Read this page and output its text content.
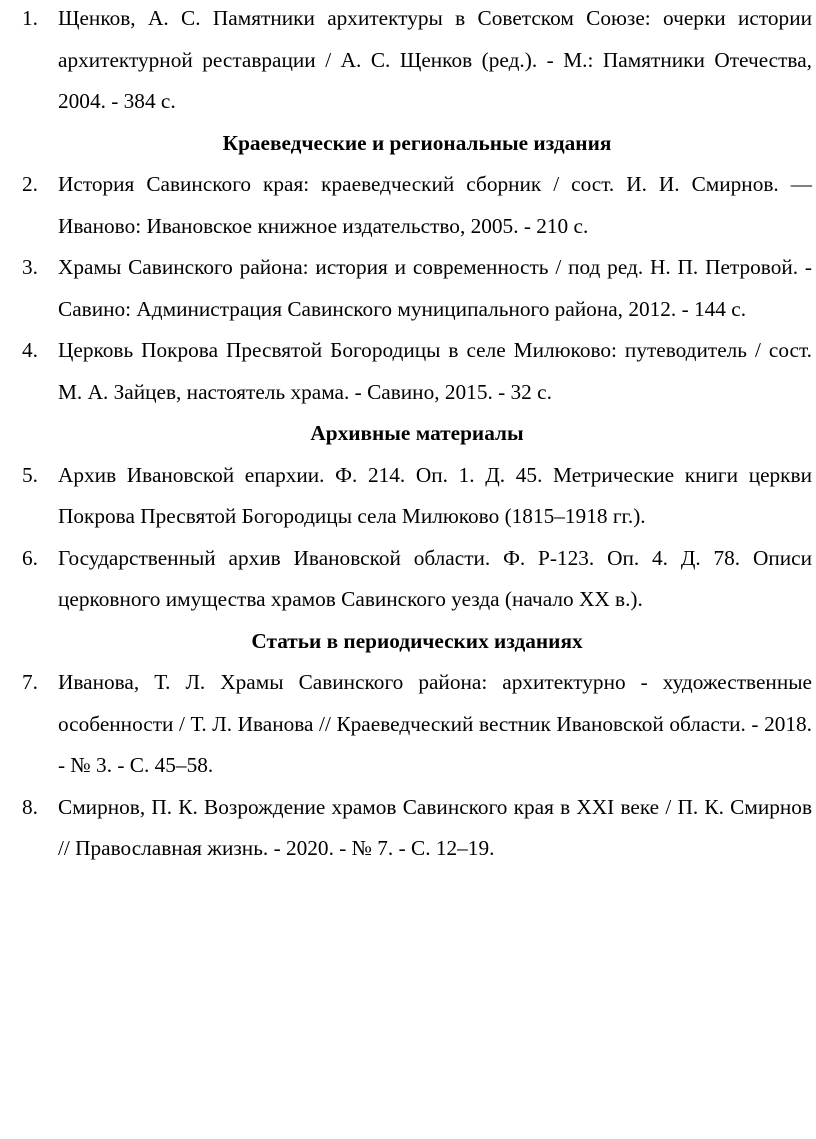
1. Щенков, А. С. Памятники архитектуры в Советском Союзе: очерки истории архитектурной реставрации / А. С. Щенков (ред.). - М.: Памятники Отечества, 2004. - 384 с.
Краеведческие и региональные издания
2. История Савинского края: краеведческий сборник / сост. И. И. Смирнов. — Иваново: Ивановское книжное издательство, 2005. - 210 с.
3. Храмы Савинского района: история и современность / под ред. Н. П. Петровой. - Савино: Администрация Савинского муниципального района, 2012. - 144 с.
4. Церковь Покрова Пресвятой Богородицы в селе Милюково: путеводитель / сост. М. А. Зайцев, настоятель храма. - Савино, 2015. - 32 с.
Архивные материалы
5. Архив Ивановской епархии. Ф. 214. Оп. 1. Д. 45. Метрические книги церкви Покрова Пресвятой Богородицы села Милюково (1815–1918 гг.).
6. Государственный архив Ивановской области. Ф. Р-123. Оп. 4. Д. 78. Описи церковного имущества храмов Савинского уезда (начало XX в.).
Статьи в периодических изданиях
7. Иванова, Т. Л. Храмы Савинского района: архитектурно - художественные особенности / Т. Л. Иванова // Краеведческий вестник Ивановской области. - 2018. - № 3. - С. 45–58.
8. Смирнов, П. К. Возрождение храмов Савинского края в XXI веке / П. К. Смирнов // Православная жизнь. - 2020. - № 7. - С. 12–19.
